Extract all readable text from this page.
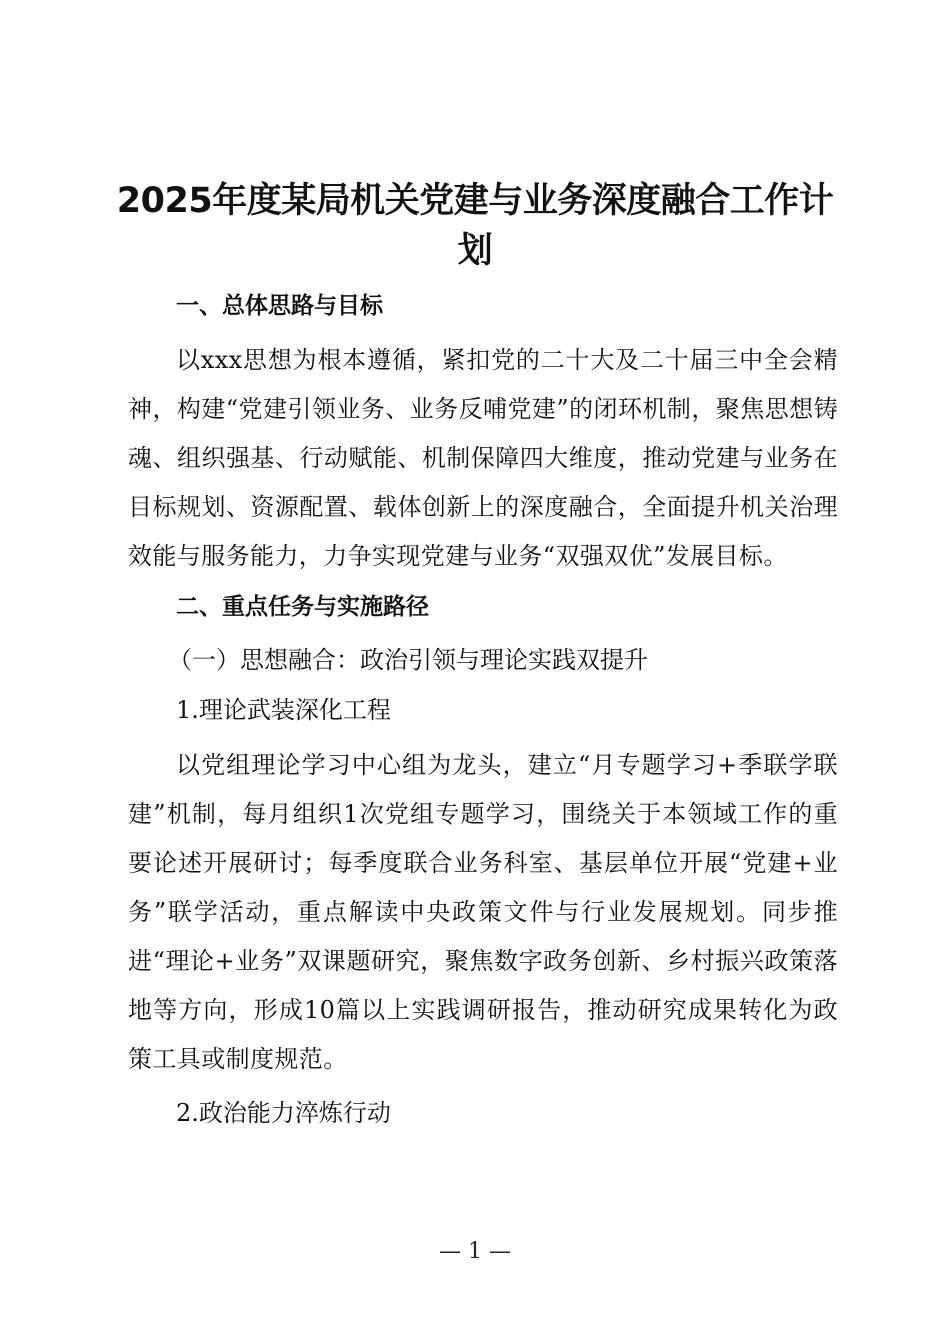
2025年度某局机关党建与业务深度融合工作计划
一、总体思路与目标

以xxx思想为根本遵循，紧扣党的二十大及二十届三中全会精神，构建“党建引领业务、业务反哺党建”的闭环机制，聚焦思想铸魂、组织强基、行动赋能、机制保障四大维度，推动党建与业务在目标规划、资源配置、载体创新上的深度融合，全面提升机关治理效能与服务能力，力争实现党建与业务“双强双优”发展目标。

二、重点任务与实施路径
（一）思想融合：政治引领与理论实践双提升
1.理论武装深化工程

以党组理论学习中心组为龙头，建立“月专题学习+季联学联建”机制，每月组织1次党组专题学习，围绕关于本领域工作的重要论述开展研讨；每季度联合业务科室、基层单位开展“党建+业务”联学活动，重点解读中央政策文件与行业发展规划。同步推进“理论+业务”双课题研究，聚焦数字政务创新、乡村振兴政策落地等方向，形成10篇以上实践调研报告，推动研究成果转化为政策工具或制度规范。

2.政治能力淬炼行动
— 1 —
